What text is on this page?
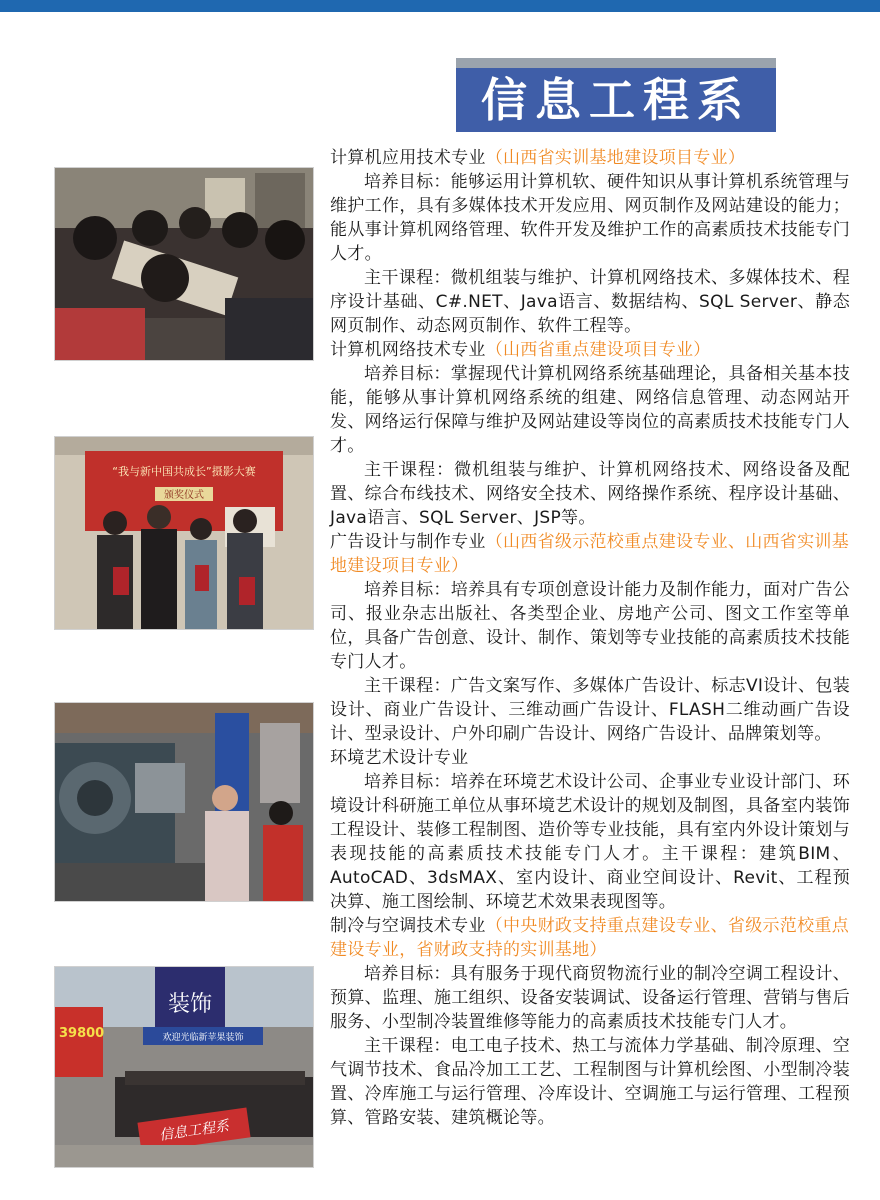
信息工程系
“我与新中国共成长”摄影大赛
颁奖仪式
装饰
欢迎光临新苹果装饰
39800
信息工程系

计算机应用技术专业（山西省实训基地建设项目专业）

培养目标：能够运用计算机软、硬件知识从事计算机系统管理与维护工作，具有多媒体技术开发应用、网页制作及网站建设的能力；能从事计算机网络管理、软件开发及维护工作的高素质技术技能专门人才。

主干课程：微机组装与维护、计算机网络技术、多媒体技术、程序设计基础、C#.NET、Java语言、数据结构、SQL Server、静态网页制作、动态网页制作、软件工程等。

计算机网络技术专业（山西省重点建设项目专业）

培养目标：掌握现代计算机网络系统基础理论，具备相关基本技能，能够从事计算机网络系统的组建、网络信息管理、动态网站开发、网络运行保障与维护及网站建设等岗位的高素质技术技能专门人才。

主干课程：微机组装与维护、计算机网络技术、网络设备及配置、综合布线技术、网络安全技术、网络操作系统、程序设计基础、Java语言、SQL Server、JSP等。

广告设计与制作专业（山西省级示范校重点建设专业、山西省实训基地建设项目专业）

培养目标：培养具有专项创意设计能力及制作能力，面对广告公司、报业杂志出版社、各类型企业、房地产公司、图文工作室等单位，具备广告创意、设计、制作、策划等专业技能的高素质技术技能专门人才。

主干课程：广告文案写作、多媒体广告设计、标志VI设计、包装设计、商业广告设计、三维动画广告设计、FLASH二维动画广告设计、型录设计、户外印刷广告设计、网络广告设计、品牌策划等。

环境艺术设计专业

培养目标：培养在环境艺术设计公司、企事业专业设计部门、环境设计科研施工单位从事环境艺术设计的规划及制图，具备室内装饰工程设计、装修工程制图、造价等专业技能，具有室内外设计策划与表现技能的高素质技术技能专门人才。主干课程：建筑BIM、AutoCAD、3dsMAX、室内设计、商业空间设计、Revit、工程预决算、施工图绘制、环境艺术效果表现图等。

制冷与空调技术专业（中央财政支持重点建设专业、省级示范校重点建设专业，省财政支持的实训基地）

培养目标：具有服务于现代商贸物流行业的制冷空调工程设计、预算、监理、施工组织、设备安装调试、设备运行管理、营销与售后服务、小型制冷装置维修等能力的高素质技术技能专门人才。

主干课程：电工电子技术、热工与流体力学基础、制冷原理、空气调节技术、食品冷加工工艺、工程制图与计算机绘图、小型制冷装置、冷库施工与运行管理、冷库设计、空调施工与运行管理、工程预算、管路安装、建筑概论等。
